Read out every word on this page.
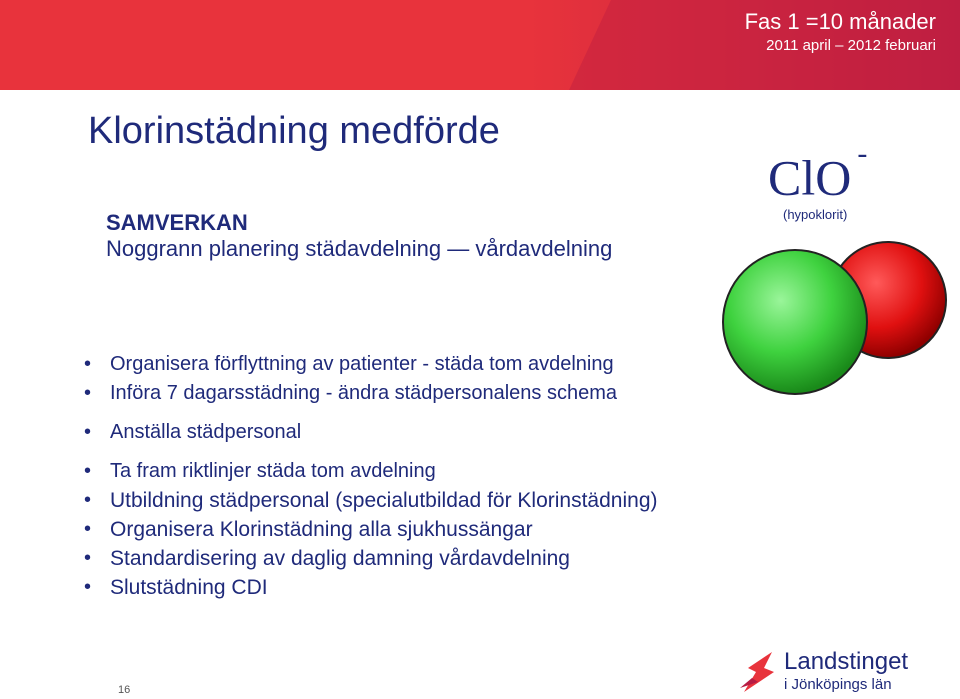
Fas 1 =10 månader
2011 april – 2012 februari
Klorinstädning medförde
ClO -
(hypoklorit)
SAMVERKAN
Noggrann planering städavdelning — vårdavdelning
• Organisera förflyttning av patienter - städa tom avdelning
• Införa 7 dagarsstädning - ändra städpersonalens schema
• Anställa städpersonal
• Ta fram riktlinjer städa tom avdelning
• Utbildning städpersonal (specialutbildad för Klorinstädning)
• Organisera Klorinstädning alla sjukhussängar
• Standardisering av daglig damning vårdavdelning
• Slutstädning CDI
16
Landstinget
i Jönköpings län
